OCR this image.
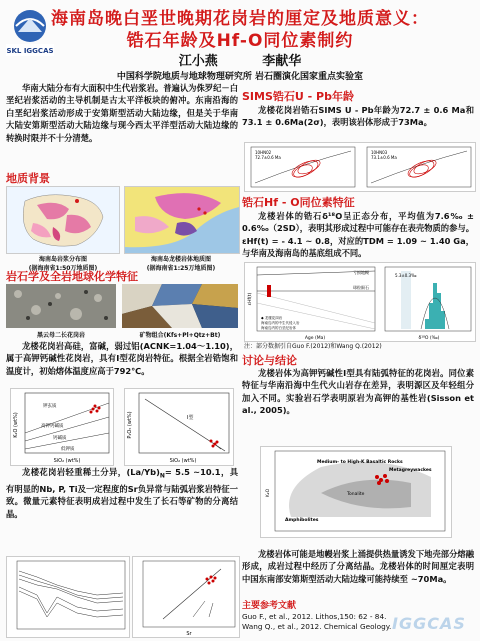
SKL IGGCAS
海南岛晚白垩世晚期花岗岩的厘定及地质意义：
锆石年龄及Hf-O同位素制约
江小燕	李献华
中国科学院地质与地球物理研究所 岩石圈演化国家重点实验室
华南大陆分布有大面积中生代岩浆岩。普遍认为侏罗纪－白垩纪岩浆活动的主导机制是古太平洋板块的俯冲。东南沿海的白垩纪岩浆活动形成于安第斯型活动大陆边缘，但是关于华南大陆安第斯型活动大陆边缘与现今西太平洋型活动大陆边缘的转换时限并不十分清楚。
地质背景
海南岛岩浆分布图
(据海南省1:50万地质图)
海南岛龙楼岩体地质图
(据海南省1:25万地质图)
岩石学及全岩地球化学特征
黑云母二长花岗岩	矿物组合(Kfs+Pl+Qtz+Bt)
龙楼花岗岩高硅，富碱，弱过铝(ACNK=1.04～1.10)，属于高钾钙碱性花岗岩，具有I型花岗岩特征。根据全岩锆饱和温度计，初始熔体温度应高于792℃。
钾玄质
高钾钙碱质
钙碱质
低钾质
SiO₂ (wt%)
K₂O (wt%)	I型
SiO₂ (wt%)
P₂O₅ (wt%)
龙楼花岗岩轻重稀土分异，$(La/Yb)_N= 5.5$ ~10.1，具有明显的Nb, P, Ti及一定程度的Sr负异常与陆弧岩浆岩特征一致。微量元素特征表明成岩过程中发生了长石等矿物的分离结晶。
Sr
SIMS锆石U - Pb年龄
龙楼花岗岩锆石SIMS U - Pb年龄为72.7 ± 0.6 Ma和73.1 ± 0.6Ma(2σ)，表明该岩体形成于73Ma。
10HN02
72.7±0.6 Ma
10HN03
73.1±0.6 Ma
锆石Hf - O同位素特征
龙楼岩体的锆石δ¹⁸O呈正态分布，平均值为7.6‰ ± 0.6‰（2SD），表明其形成过程中可能存在表壳物质的参与。εHf(t) = - 4.1 ~ 0.8，对应的TDM = 1.09 ~ 1.40 Ga，与华南及海南岛的基底组成不同。
亏损地幔
球粒陨石
◆ 龙楼花岗岩
海南岛内的中生代侵入岩
海南岛内的白垩纪岩体
Age (Ma)
εHf(t)
5.3±0.3‰
δ¹⁸O (‰)
注：部分数据引自Guo F.(2012)和Wang Q.(2012)
讨论与结论
龙楼岩体为高钾钙碱性I型具有陆弧特征的花岗岩。同位素特征与华南沿海中生代火山岩存在差异，表明源区及年轻组分加入不同。实验岩石学表明原岩为高钾的基性岩(Sisson et al., 2005)。
Medium- to High-K Basaltic Rocks
Metagreywackes
Tonalite
Amphibolites
K₂O
龙楼岩体可能是地幔岩浆上涌提供热量诱发下地壳部分熔融形成，成岩过程中经历了分离结晶。龙楼岩体的时间厘定表明中国东南部安第斯型活动大陆边缘可能持续至 ~70Ma。
主要参考文献
Guo F., et al., 2012. Lithos,150: 62 - 84.
Wang Q., et al., 2012. Chemical Geology. IGGCAS
